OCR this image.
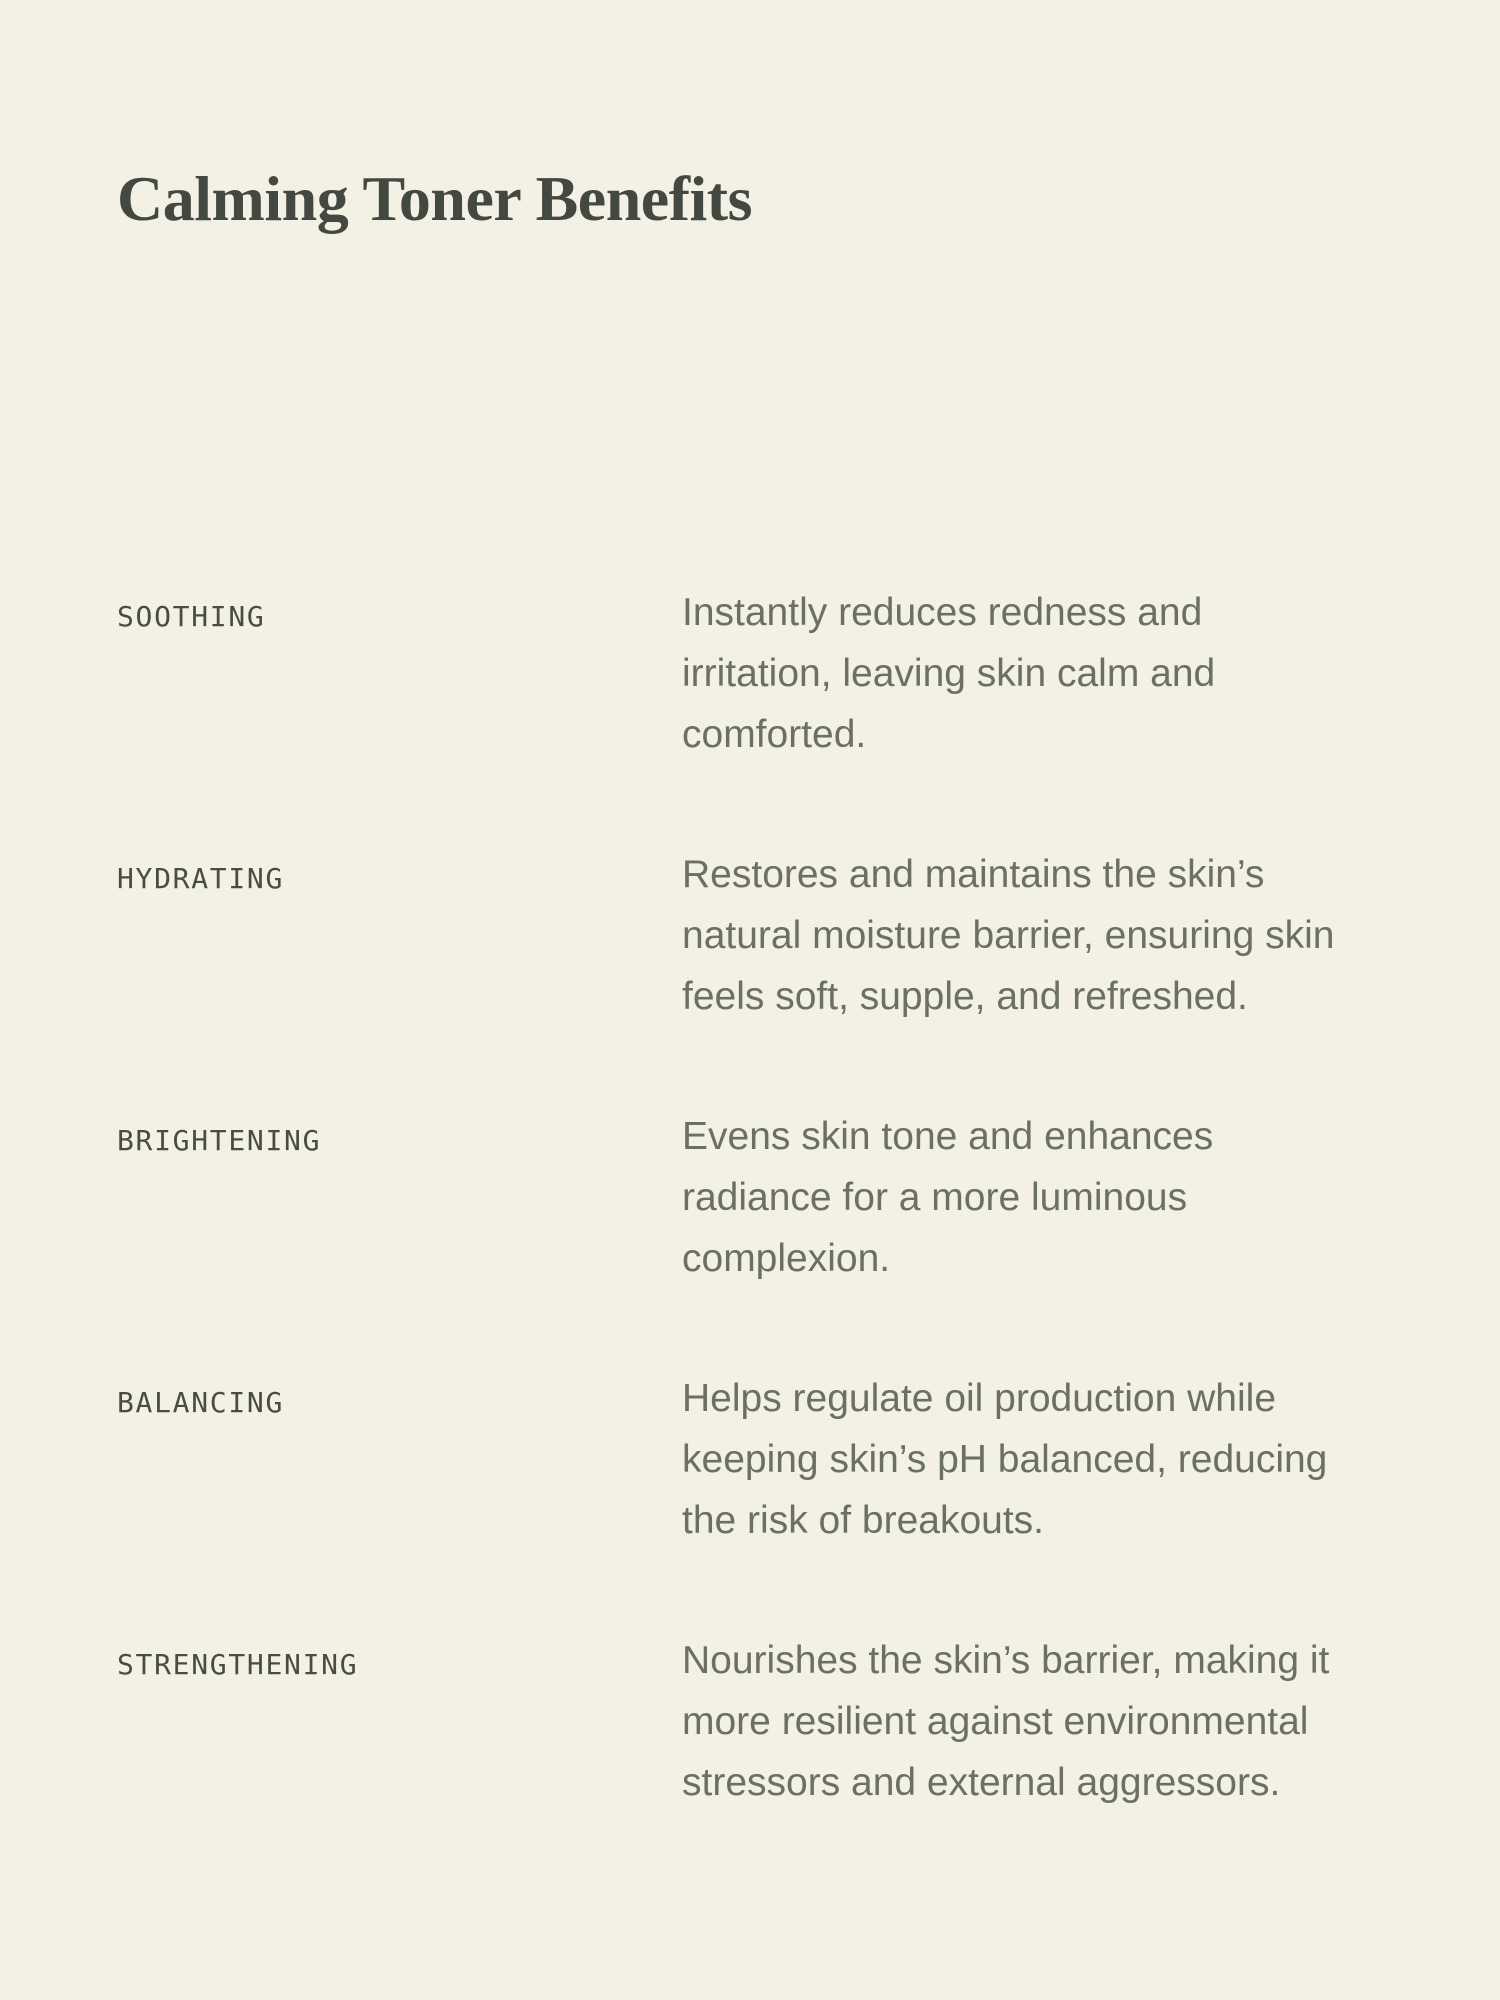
Calming Toner Benefits
SOOTHING	Instantly reduces redness and
irritation, leaving skin calm and
comforted.
HYDRATING	Restores and maintains the skin’s
natural moisture barrier, ensuring skin
feels soft, supple, and refreshed.
BRIGHTENING	Evens skin tone and enhances
radiance for a more luminous
complexion.
BALANCING	Helps regulate oil production while
keeping skin’s pH balanced, reducing
the risk of breakouts.
STRENGTHENING	Nourishes the skin’s barrier, making it
more resilient against environmental
stressors and external aggressors.
